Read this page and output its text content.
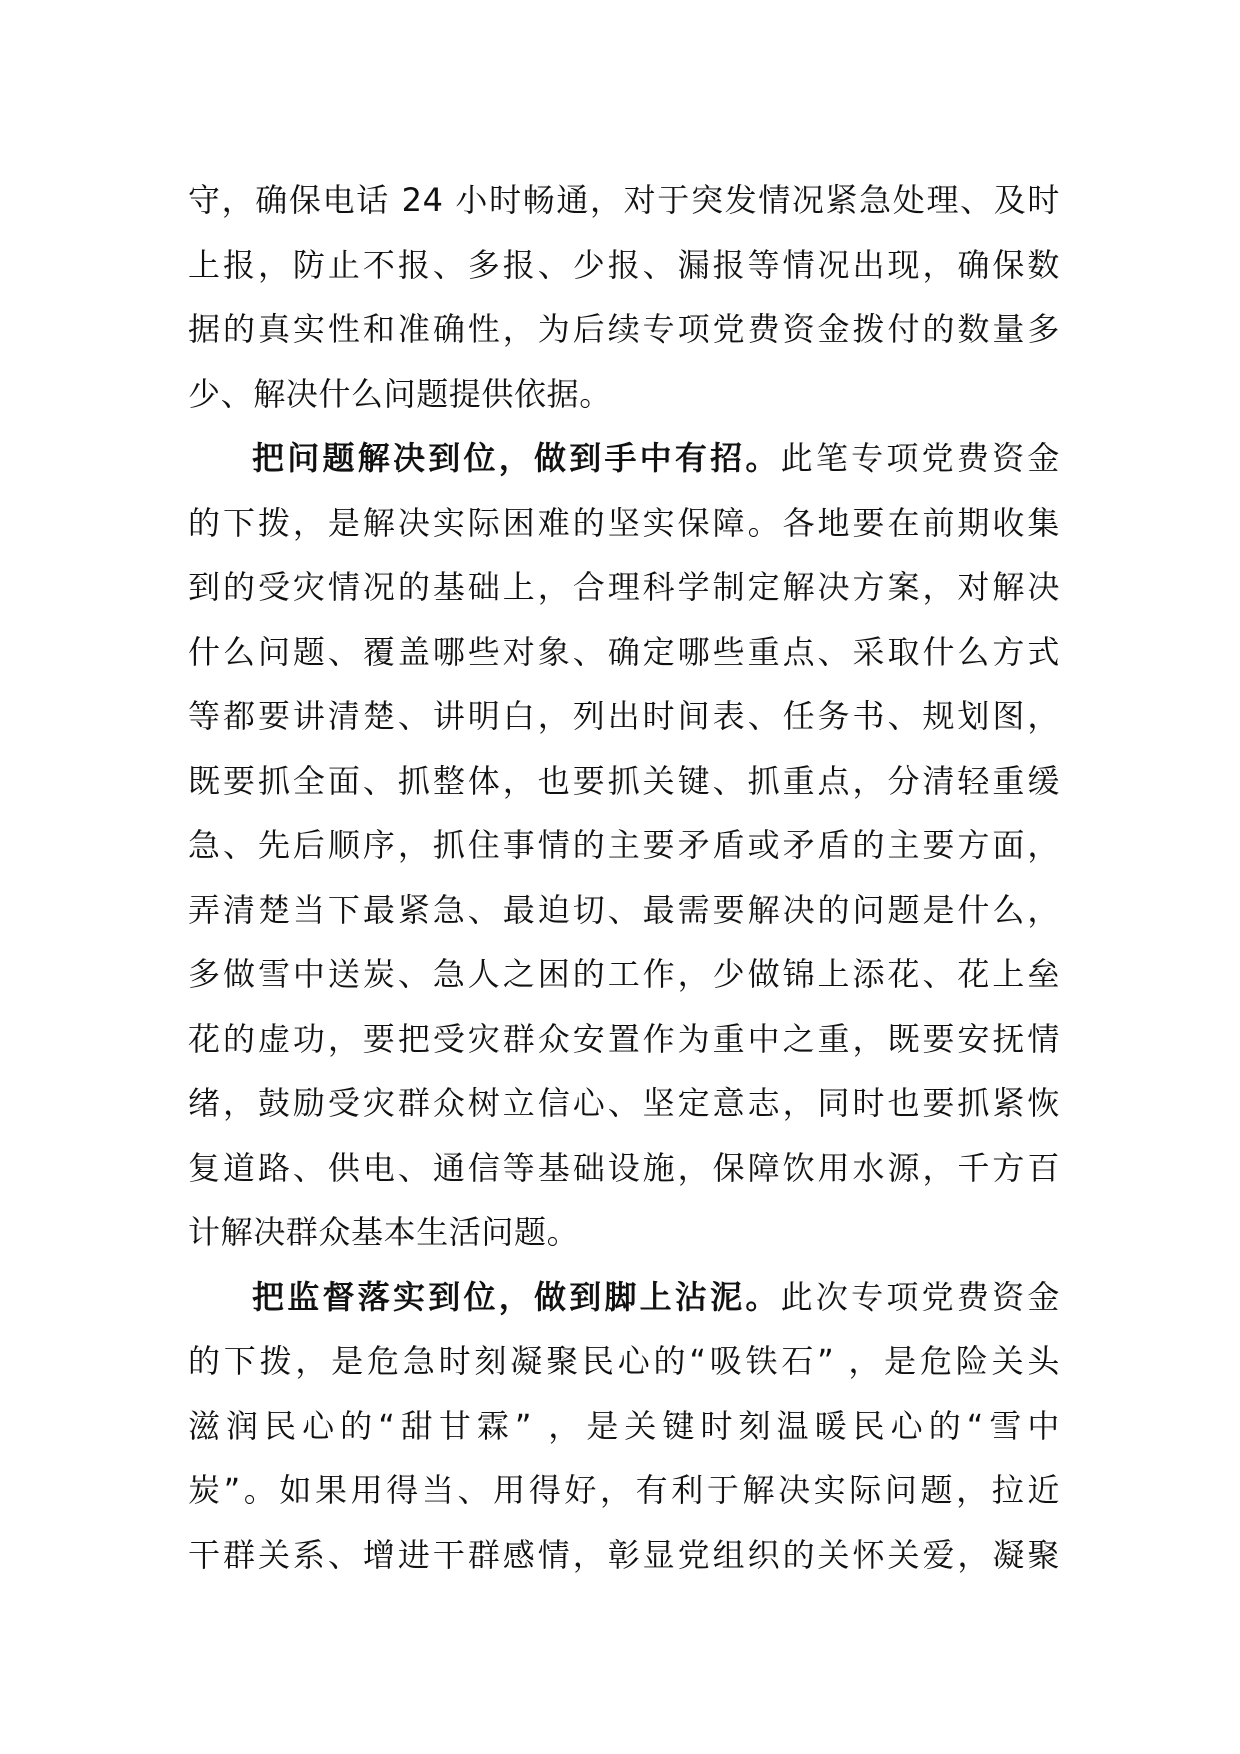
守，确保电话 24 小时畅通，对于突发情况紧急处理、及时
上报，防止不报、多报、少报、漏报等情况出现，确保数
据的真实性和准确性，为后续专项党费资金拨付的数量多
少、解决什么问题提供依据。
把问题解决到位，做到手中有招。此笔专项党费资金
的下拨，是解决实际困难的坚实保障。各地要在前期收集
到的受灾情况的基础上，合理科学制定解决方案，对解决
什么问题、覆盖哪些对象、确定哪些重点、采取什么方式
等都要讲清楚、讲明白，列出时间表、任务书、规划图，
既要抓全面、抓整体，也要抓关键、抓重点，分清轻重缓
急、先后顺序，抓住事情的主要矛盾或矛盾的主要方面，
弄清楚当下最紧急、最迫切、最需要解决的问题是什么，
多做雪中送炭、急人之困的工作，少做锦上添花、花上垒
花的虚功，要把受灾群众安置作为重中之重，既要安抚情
绪，鼓励受灾群众树立信心、坚定意志，同时也要抓紧恢
复道路、供电、通信等基础设施，保障饮用水源，千方百
计解决群众基本生活问题。
把监督落实到位，做到脚上沾泥。此次专项党费资金
的下拨，是危急时刻凝聚民心的“吸铁石” ，是危险关头
滋润民心的“甜甘霖” ，是关键时刻温暖民心的“雪中
炭”。如果用得当、用得好，有利于解决实际问题，拉近
干群关系、增进干群感情，彰显党组织的关怀关爱，凝聚
